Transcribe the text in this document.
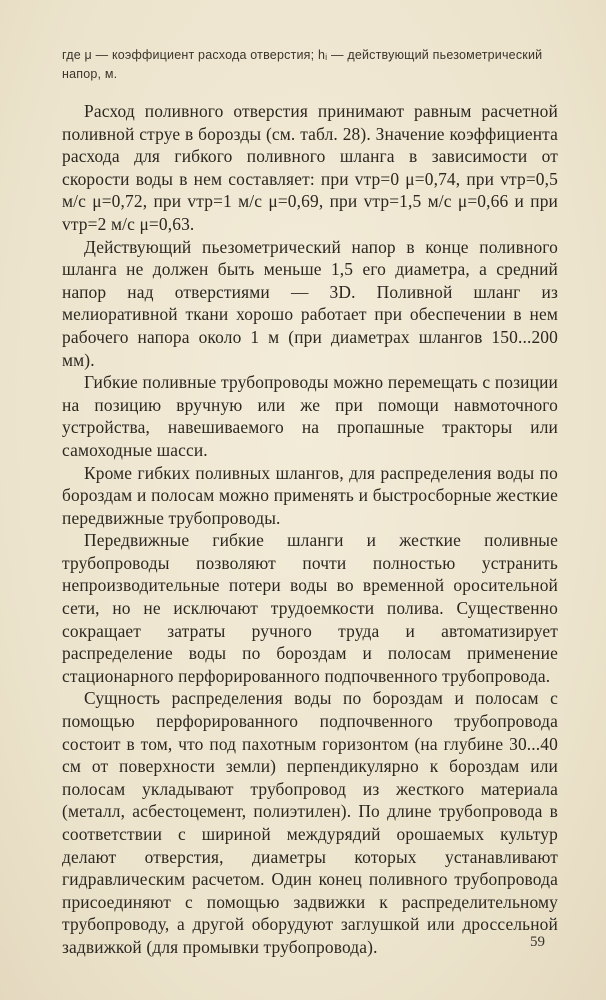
где μ — коэффициент расхода отверстия; hᵢ — действующий пьезометрический напор, м.

Расход поливного отверстия принимают равным расчетной поливной струе в борозды (см. табл. 28). Значение коэффициента расхода для гибкого поливного шланга в зависимости от скорости воды в нем составляет: при vтр=0 μ=0,74, при vтр=0,5 м/с μ=0,72, при vтр=1 м/с μ=0,69, при vтр=1,5 м/с μ=0,66 и при vтр=2 м/с μ=0,63.

Действующий пьезометрический напор в конце поливного шланга не должен быть меньше 1,5 его диаметра, а средний напор над отверстиями — 3D. Поливной шланг из мелиоративной ткани хорошо работает при обеспечении в нем рабочего напора около 1 м (при диаметрах шлангов 150...200 мм).

Гибкие поливные трубопроводы можно перемещать с позиции на позицию вручную или же при помощи навмоточного устройства, навешиваемого на пропашные тракторы или самоходные шасси.

Кроме гибких поливных шлангов, для распределения воды по бороздам и полосам можно применять и быстросборные жесткие передвижные трубопроводы.

Передвижные гибкие шланги и жесткие поливные трубопроводы позволяют почти полностью устранить непроизводительные потери воды во временной оросительной сети, но не исключают трудоемкости полива. Существенно сокращает затраты ручного труда и автоматизирует распределение воды по бороздам и полосам применение стационарного перфорированного подпочвенного трубопровода.

Сущность распределения воды по бороздам и полосам с помощью перфорированного подпочвенного трубопровода состоит в том, что под пахотным горизонтом (на глубине 30...40 см от поверхности земли) перпендикулярно к бороздам или полосам укладывают трубопровод из жесткого материала (металл, асбестоцемент, полиэтилен). По длине трубопровода в соответствии с шириной междурядий орошаемых культур делают отверстия, диаметры которых устанавливают гидравлическим расчетом. Один конец поливного трубопровода присоединяют с помощью задвижки к распределительному трубопроводу, а другой оборудуют заглушкой или дроссельной задвижкой (для промывки трубопровода).	59
